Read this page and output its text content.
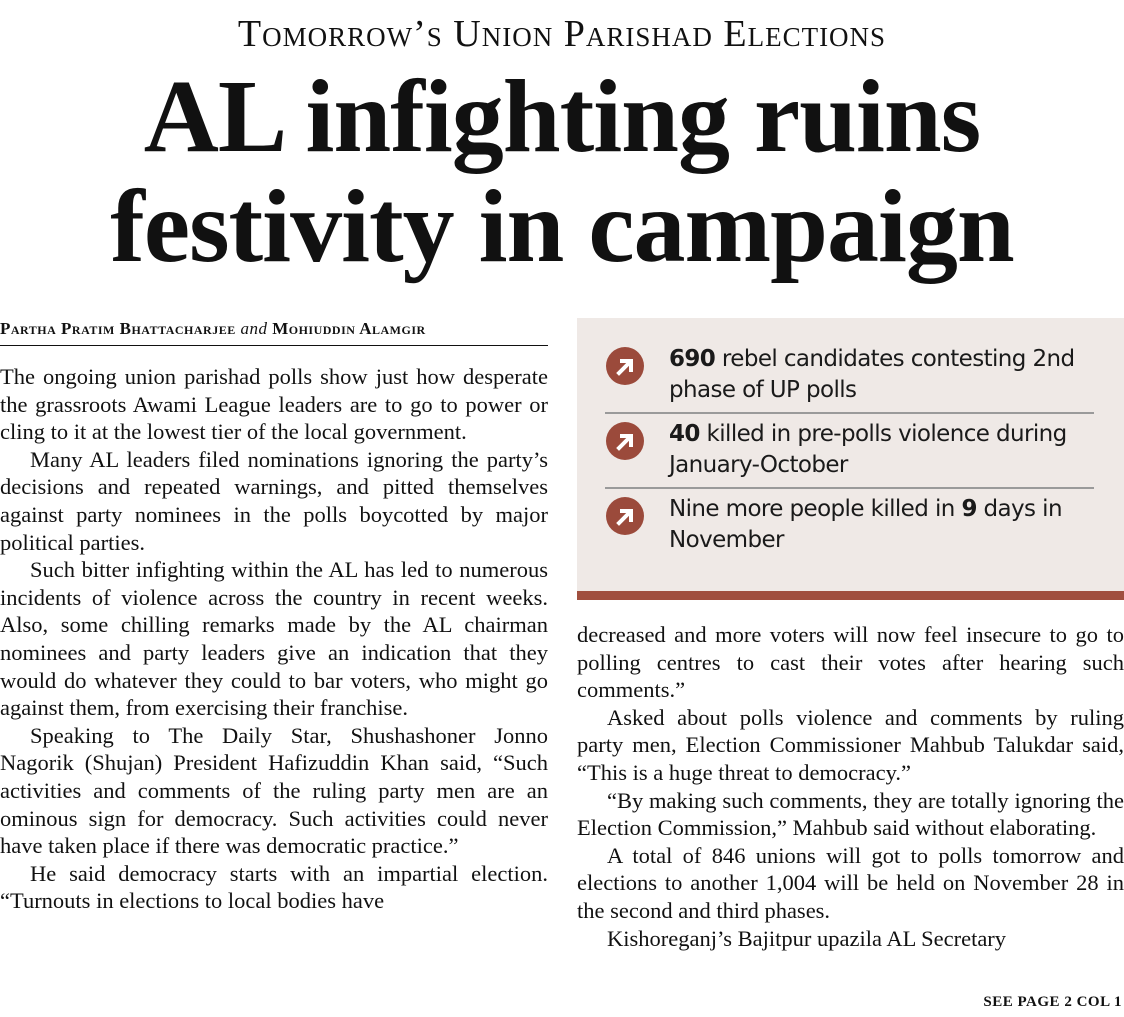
Tomorrow’s Union Parishad Elections
AL infighting ruins
festivity in campaign
Partha Pratim Bhattacharjee and Mohiuddin Alamgir

The ongoing union parishad polls show just how desperate the grassroots Awami League leaders are to go to power or cling to it at the lowest tier of the local government.

Many AL leaders filed nominations ignoring the party’s decisions and repeated warnings, and pitted themselves against party nominees in the polls boycotted by major political parties.

Such bitter infighting within the AL has led to numerous incidents of violence across the country in recent weeks. Also, some chilling remarks made by the AL chairman nominees and party leaders give an indication that they would do whatever they could to bar voters, who might go against them, from exercising their franchise.

Speaking to The Daily Star, Shushashoner Jonno Nagorik (Shujan) President Hafizuddin Khan said, “Such activities and comments of the ruling party men are an ominous sign for democracy. Such activities could never have taken place if there was democratic practice.”

He said democracy starts with an impartial election. “Turnouts in elections to local bodies have

690 rebel candidates contesting 2nd phase of UP polls
40 killed in pre-polls violence during January-October
Nine more people killed in 9 days in November

decreased and more voters will now feel insecure to go to polling centres to cast their votes after hearing such comments.”

Asked about polls violence and comments by ruling party men, Election Commissioner Mahbub Talukdar said, “This is a huge threat to democracy.”

“By making such comments, they are totally ignoring the Election Commission,” Mahbub said without elaborating.

A total of 846 unions will got to polls tomorrow and elections to another 1,004 will be held on November 28 in the second and third phases.

Kishoreganj’s Bajitpur upazila AL Secretary

SEE PAGE 2 COL 1
